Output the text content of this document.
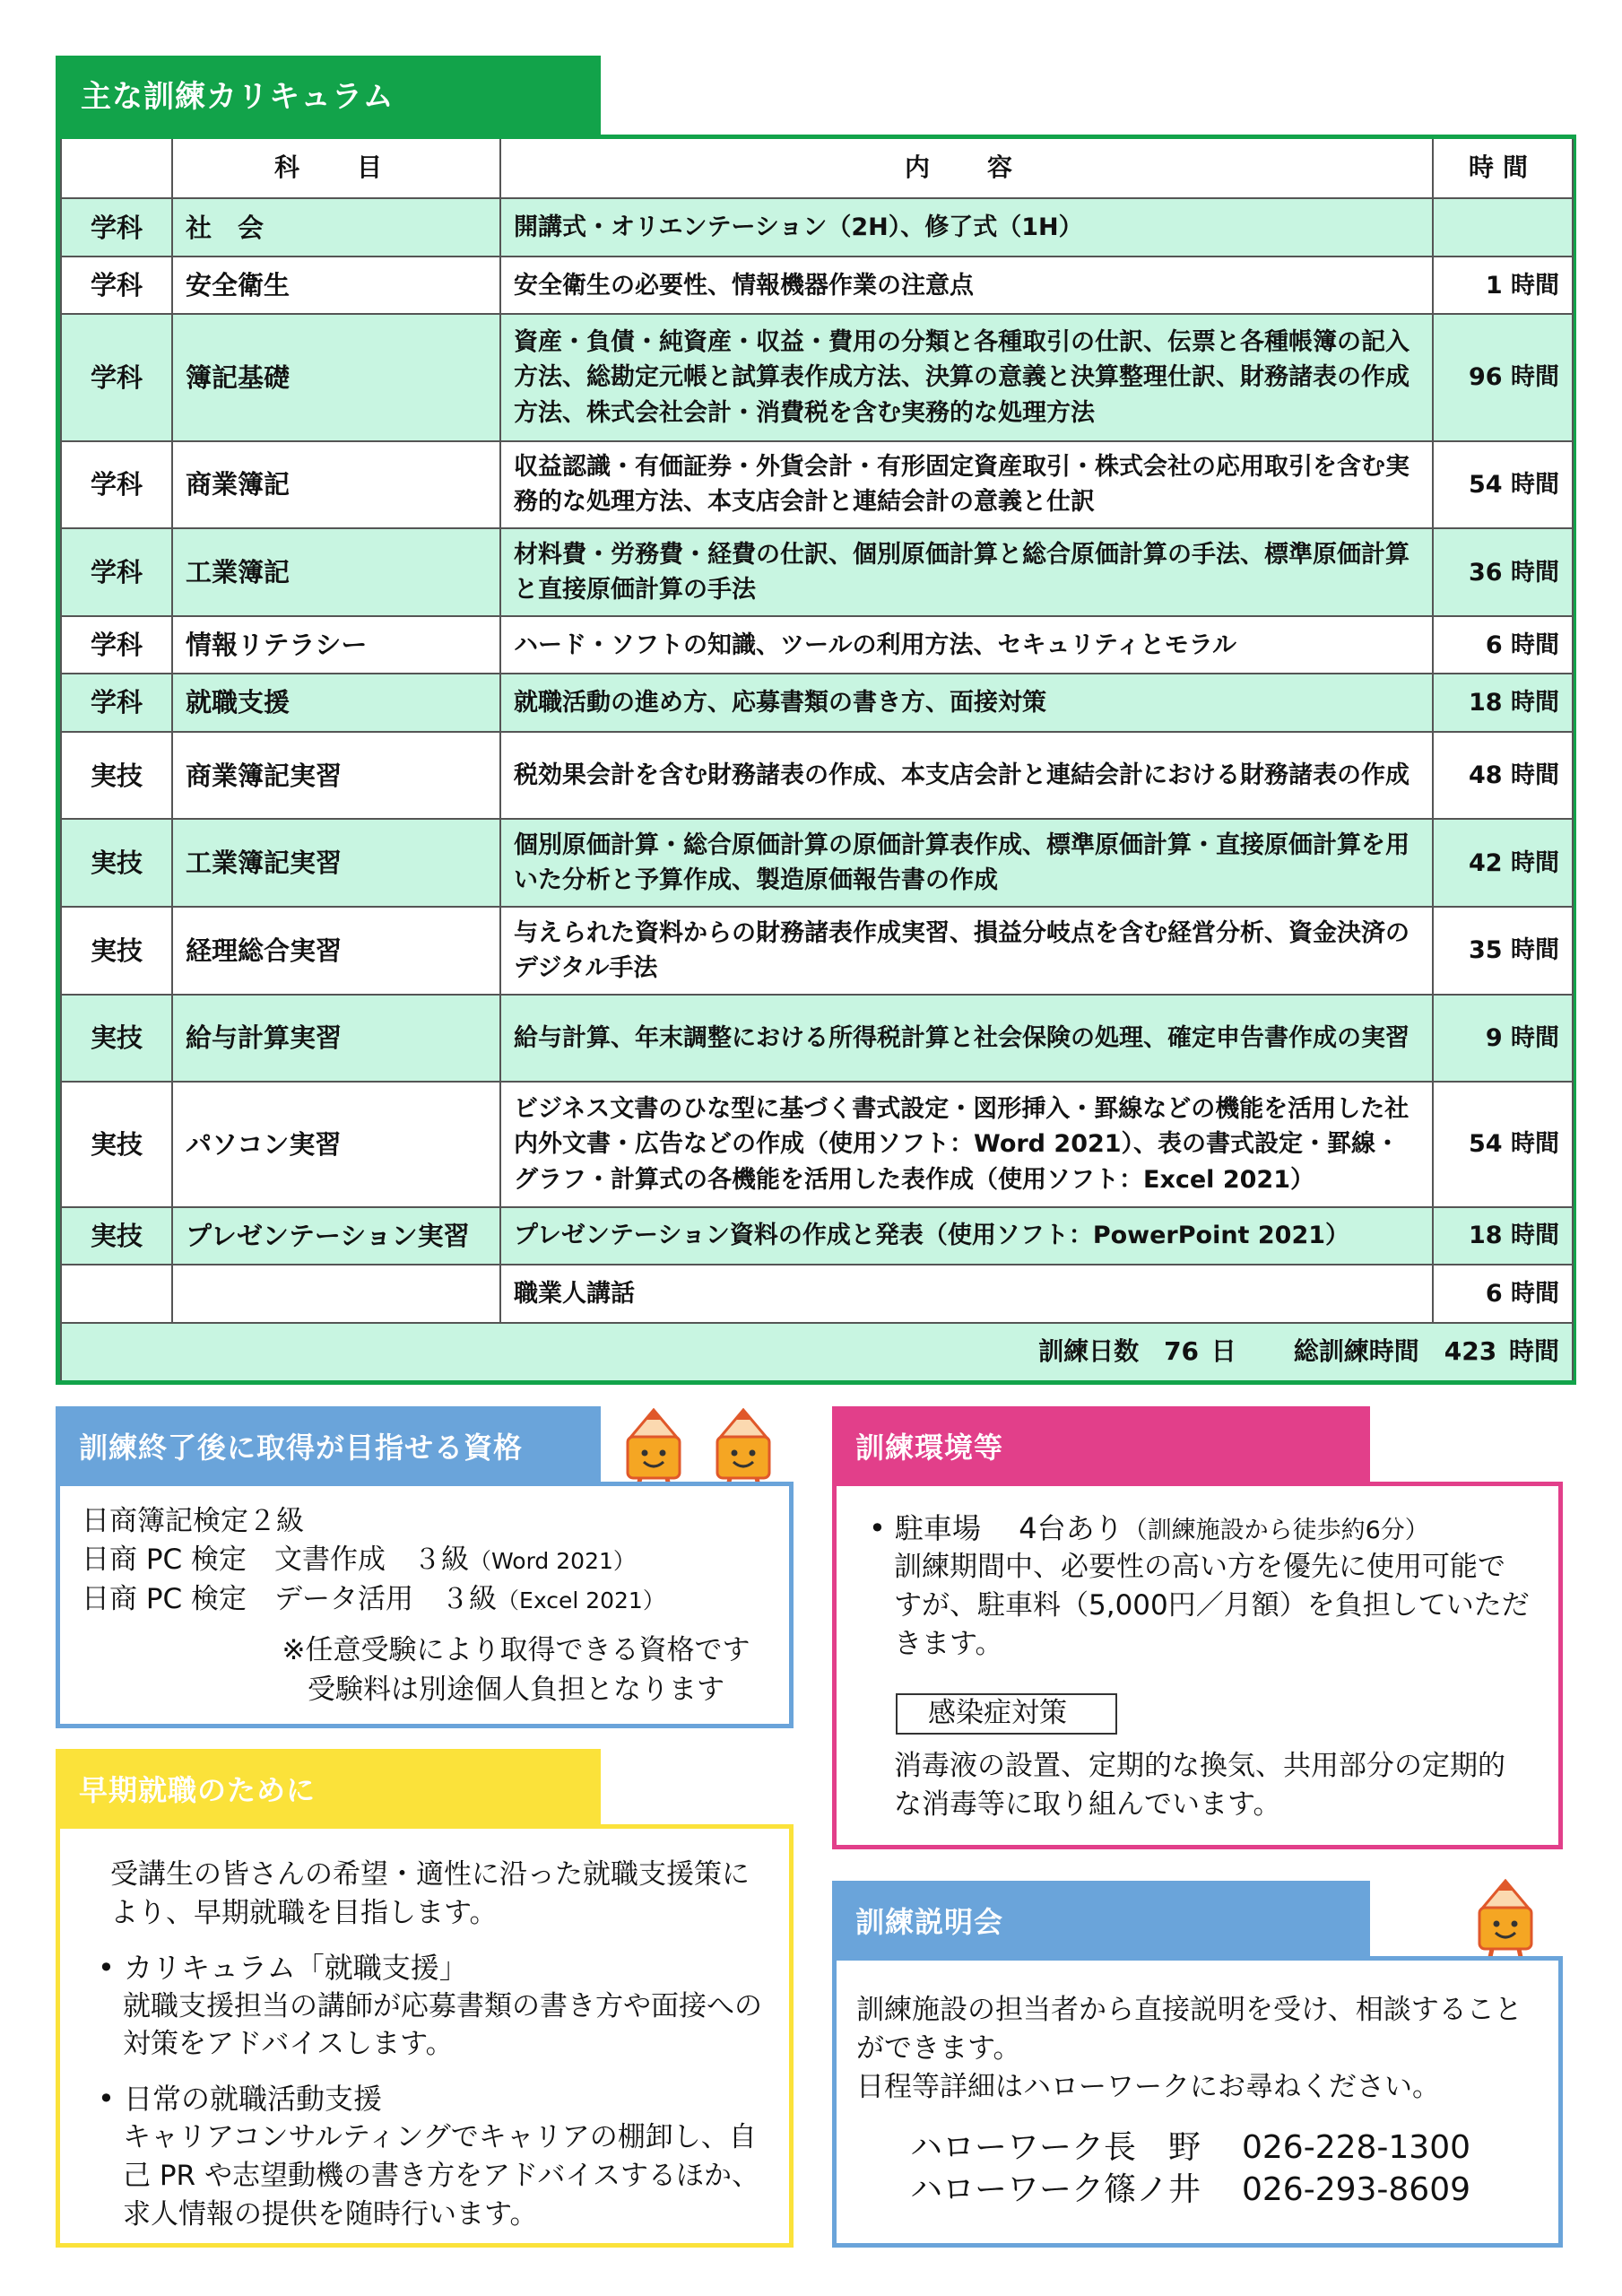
主な訓練カリキュラム
	科　目	内　容	時間
学科	社　会	開講式・オリエンテーション（2H）、修了式（1H）	
学科	安全衛生	安全衛生の必要性、情報機器作業の注意点	1 時間
学科	簿記基礎	資産・負債・純資産・収益・費用の分類と各種取引の仕訳、伝票と各種帳簿の記入方法、総勘定元帳と試算表作成方法、決算の意義と決算整理仕訳、財務諸表の作成方法、株式会社会計・消費税を含む実務的な処理方法	96 時間
学科	商業簿記	収益認識・有価証券・外貨会計・有形固定資産取引・株式会社の応用取引を含む実務的な処理方法、本支店会計と連結会計の意義と仕訳	54 時間
学科	工業簿記	材料費・労務費・経費の仕訳、個別原価計算と総合原価計算の手法、標準原価計算と直接原価計算の手法	36 時間
学科	情報リテラシー	ハード・ソフトの知識、ツールの利用方法、セキュリティとモラル	6 時間
学科	就職支援	就職活動の進め方、応募書類の書き方、面接対策	18 時間
実技	商業簿記実習	税効果会計を含む財務諸表の作成、本支店会計と連結会計における財務諸表の作成	48 時間
実技	工業簿記実習	個別原価計算・総合原価計算の原価計算表作成、標準原価計算・直接原価計算を用いた分析と予算作成、製造原価報告書の作成	42 時間
実技	経理総合実習	与えられた資料からの財務諸表作成実習、損益分岐点を含む経営分析、資金決済のデジタル手法	35 時間
実技	給与計算実習	給与計算、年末調整における所得税計算と社会保険の処理、確定申告書作成の実習	9 時間
実技	パソコン実習	ビジネス文書のひな型に基づく書式設定・図形挿入・罫線などの機能を活用した社内外文書・広告などの作成（使用ソフト：Word 2021）、表の書式設定・罫線・グラフ・計算式の各機能を活用した表作成（使用ソフト：Excel 2021）	54 時間
実技	プレゼンテーション実習	プレゼンテーション資料の作成と発表（使用ソフト：PowerPoint 2021）	18 時間
		職業人講話	6 時間
訓練日数　76 日 総訓練時間　423 時間			
訓練終了後に取得が目指せる資格
日商簿記検定２級
日商 PC 検定　文書作成　３級（Word 2021）
日商 PC 検定　データ活用　３級（Excel 2021）
※任意受験により取得できる資格です
受験料は別途個人負担となります
訓練環境等
• 駐車場　 4台あり（訓練施設から徒歩約6分）
訓練期間中、必要性の高い方を優先に使用可能ですが、駐車料（5,000円／月額）を負担していただきます。
感染症対策
消毒液の設置、定期的な換気、共用部分の定期的な消毒等に取り組んでいます。
早期就職のために
受講生の皆さんの希望・適性に沿った就職支援策により、早期就職を目指します。
• カリキュラム「就職支援」
就職支援担当の講師が応募書類の書き方や面接への対策をアドバイスします。
• 日常の就職活動支援
キャリアコンサルティングでキャリアの棚卸し、自己 PR や志望動機の書き方をアドバイスするほか、求人情報の提供を随時行います。
訓練説明会
訓練施設の担当者から直接説明を受け、相談することができます。
日程等詳細はハローワークにお尋ねください。
ハローワーク長　野 026-228-1300
ハローワーク篠ノ井 026-293-8609
